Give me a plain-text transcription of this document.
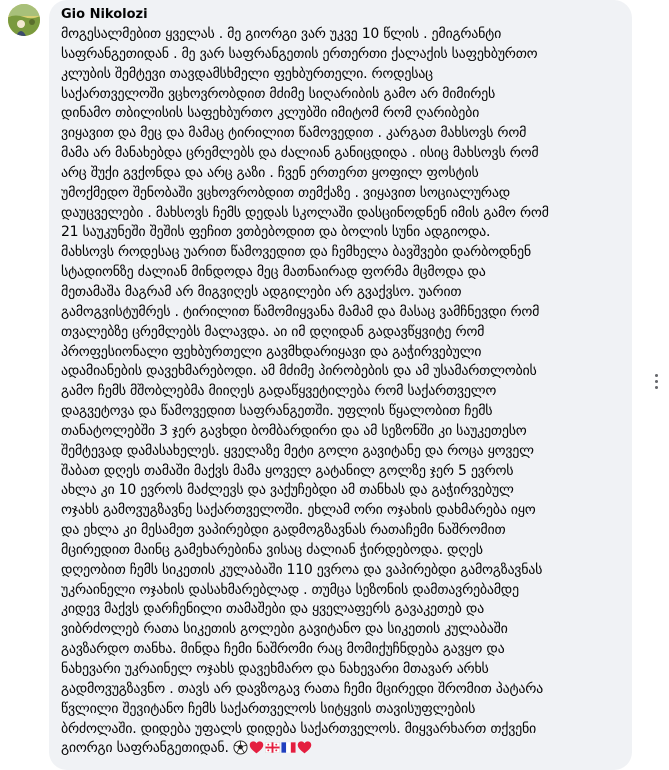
Gio Nikolozi
მოგესალმებით ყველას . მე გიორგი ვარ უკვე 10 წლის . ემიგრანტი
საფრანგეთიდან . მე ვარ საფრანგეთის ერთერთი ქალაქის საფეხბურთო
კლუბის შემტევი თავდამსხმელი ფეხბურთელი. როდესაც
საქართველოში ვცხოვრობდით მძიმე სიღარიბის გამო არ მიმირეს
დინამო თბილისის საფეხბურთო კლუბში იმიტომ რომ ღარიბები
ვიყავით და მეც და მამაც ტირილით წამოვედით . კარგათ მახსოვს რომ
მამა არ მანახებდა ცრემლებს და ძალიან განიცდიდა . ისიც მახსოვს რომ
არც შუქი გვქონდა და არც გაზი . ჩვენ ერთერთ ყოფილ ფოსტის
უმოქმედო შენობაში ვცხოვრობდით თემქაზე . ვიყავით სოციალურად
დაუცველები . მახსოვს ჩემს დედას სკოლაში დასცინოდნენ იმის გამო რომ
21 საუკუნეში შეშის ფეჩით ვთბებოდით და ბოლის სუნი ადგიოდა.
მახსოვს როდესაც უარით წამოვედით და ჩემხელა ბავშვები დარბოდნენ
სტადიონზე ძალიან მინდოდა მეც მათნაირად ფორმა მცმოდა და
მეთამაშა მაგრამ არ მიგვიღეს ადგილები არ გვაქვსო. უარით
გამოგვისტუმრეს . ტირილით წამომიყვანა მამამ და მასაც ვამჩნევდი რომ
თვალებზე ცრემლებს მალავდა. აი იმ დღიდან გადავწყვიტე რომ
პროფესიონალი ფეხბურთელი გავმხდარიყავი და გაჭირვებული
ადამიანების დავეხმარებოდი. ამ მძიმე პირობების და ამ უსამართლობის
გამო ჩემს მშობლებმა მიიღეს გადაწყვეტილება რომ საქართველო
დაგვეტოვა და წამოვედით საფრანგეთში. უფლის წყალობით ჩემს
თანატოლებში 3 ჯერ გავხდი ბომბარდირი და ამ სეზონში კი საუკეთესო
შემტევად დამასახელეს. ყველაზე მეტი გოლი გავიტანე და როცა ყოველ
შაბათ დღეს თამაში მაქვს მამა ყოველ გატანილ გოლზე ჯერ 5 ევროს
ახლა კი 10 ევროს მაძლევს და ვაქუჩებდი ამ თანხას და გაჭირვებულ
ოჯახს გამოვუგზავნე საქართველოში. ეხლამ ორი ოჯახის დახმარება იყო
და ეხლა კი მესამეთ ვაპირებდი გადმოგზავნას რათაჩემი ნაშრომით
მცირედით მაინც გამეხარებინა ვისაც ძალიან ჭირდებოდა. დღეს
დღეობით ჩემს სიკეთის კულაბაში 110 ევროა და ვაპირებდი გამოგზავნას
უკრაინელი ოჯახის დასახმარებლად . თუმცა სეზონის დამთავრებამდე
კიდევ მაქვს დარჩენილი თამაშები და ყველაფერს გავაკეთებ და
ვიბრძოლებ რათა სიკეთის გოლები გავიტანო და სიკეთის კულაბაში
გავზარდო თანხა. მინდა ჩემი ნაშრომი რაც მომიქუჩნდება გავყო და
ნახევარი უკრაინელ ოჯახს დავეხმარო და ნახევარი მთავარ არხს
გადმოვუგზავნო . თავს არ დავზოგავ რათა ჩემი მცირედი შრომით პატარა
წვლილი შევიტანო ჩემს საქართველოს სიტყვის თავისუფლების
ბრძოლაში. დიდება უფალს დიდება საქართველოს. მიყვარხართ თქვენი
გიორგი საფრანგეთიდან.
